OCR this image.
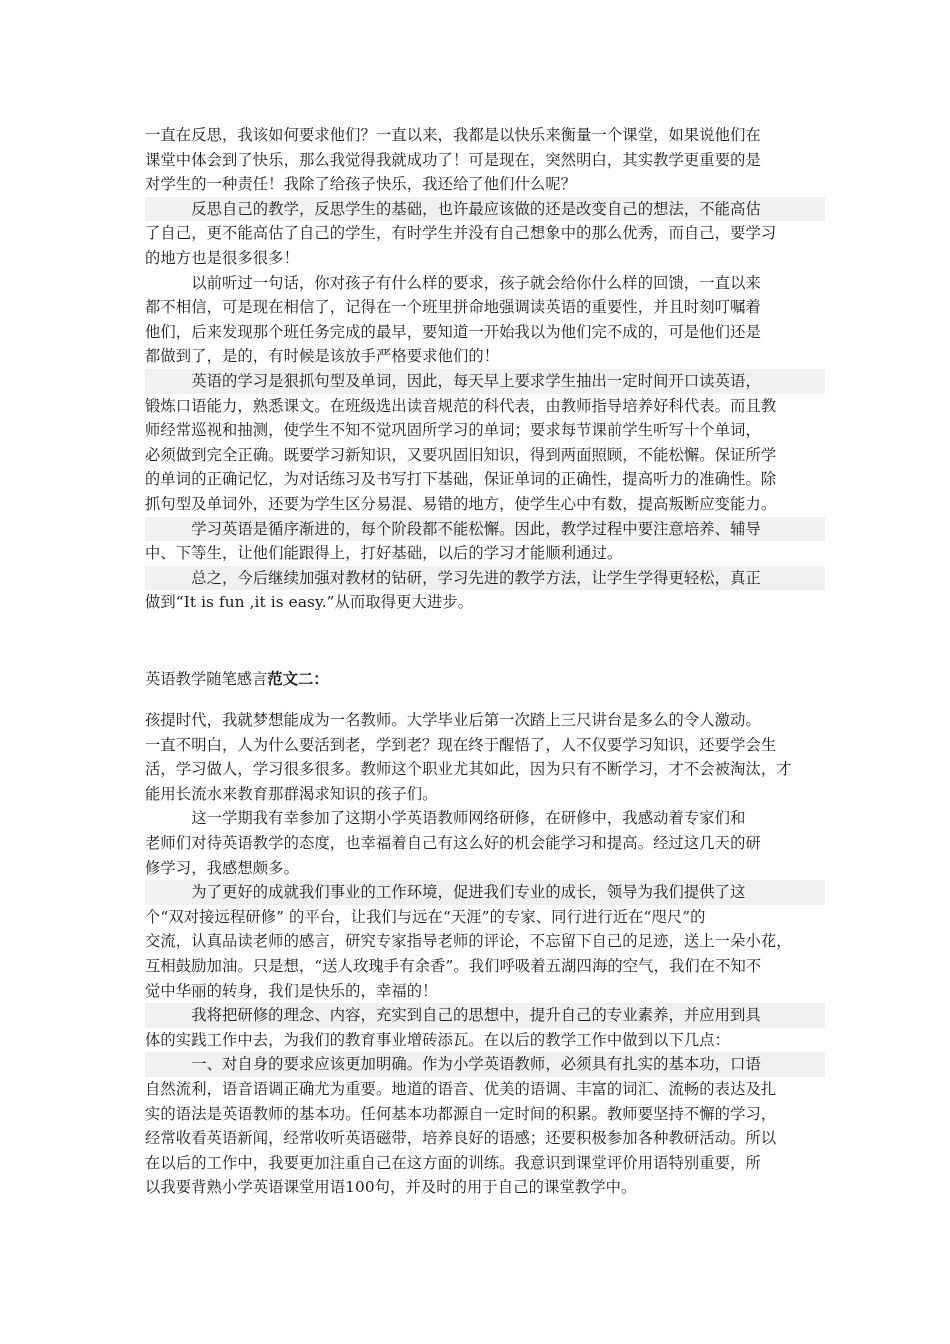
一直在反思，我该如何要求他们？一直以来，我都是以快乐来衡量一个课堂，如果说他们在
课堂中体会到了快乐，那么我觉得我就成功了！可是现在，突然明白，其实教学更重要的是
对学生的一种责任！我除了给孩子快乐，我还给了他们什么呢？
　　　反思自己的教学，反思学生的基础，也许最应该做的还是改变自己的想法，不能高估
了自己，更不能高估了自己的学生，有时学生并没有自己想象中的那么优秀，而自己，要学习
的地方也是很多很多！
　　　以前听过一句话，你对孩子有什么样的要求，孩子就会给你什么样的回馈，一直以来
都不相信，可是现在相信了，记得在一个班里拼命地强调读英语的重要性，并且时刻叮嘱着
他们，后来发现那个班任务完成的最早，要知道一开始我以为他们完不成的，可是他们还是
都做到了，是的，有时候是该放手严格要求他们的！
　　　英语的学习是狠抓句型及单词，因此，每天早上要求学生抽出一定时间开口读英语，
锻炼口语能力，熟悉课文。在班级选出读音规范的科代表，由教师指导培养好科代表。而且教
师经常巡视和抽测，使学生不知不觉巩固所学习的单词；要求每节课前学生听写十个单词，
必须做到完全正确。既要学习新知识，又要巩固旧知识，得到两面照顾，不能松懈。保证所学
的单词的正确记忆，为对话练习及书写打下基础，保证单词的正确性，提高听力的准确性。除
抓句型及单词外，还要为学生区分易混、易错的地方，使学生心中有数，提高叛断应变能力。
　　　学习英语是循序渐进的，每个阶段都不能松懈。因此，教学过程中要注意培养、辅导
中、下等生，让他们能跟得上，打好基础，以后的学习才能顺利通过。
　　　总之，今后继续加强对教材的钻研，学习先进的教学方法，让学生学得更轻松，真正
做到“It is fun ,it is easy.”从而取得更大进步。
英语教学随笔感言范文二：
孩提时代，我就梦想能成为一名教师。大学毕业后第一次踏上三尺讲台是多么的令人激动。
一直不明白，人为什么要活到老，学到老？现在终于醒悟了，人不仅要学习知识，还要学会生
活，学习做人，学习很多很多。教师这个职业尤其如此，因为只有不断学习，才不会被淘汰，才
能用长流水来教育那群渴求知识的孩子们。
　　　这一学期我有幸参加了这期小学英语教师网络研修，在研修中，我感动着专家们和
老师们对待英语教学的态度，也幸福着自己有这么好的机会能学习和提高。经过这几天的研
修学习，我感想颇多。
　　　为了更好的成就我们事业的工作环境，促进我们专业的成长，领导为我们提供了这
个“双对接远程研修” 的平台，让我们与远在“天涯”的专家、同行进行近在“咫尺”的
交流，认真品读老师的感言，研究专家指导老师的评论，不忘留下自己的足迹，送上一朵小花，
互相鼓励加油。只是想，“送人玫瑰手有余香”。我们呼吸着五湖四海的空气，我们在不知不
觉中华丽的转身，我们是快乐的，幸福的！
　　　我将把研修的理念、内容，充实到自己的思想中，提升自己的专业素养，并应用到具
体的实践工作中去，为我们的教育事业增砖添瓦。在以后的教学工作中做到以下几点：
　　　一、对自身的要求应该更加明确。作为小学英语教师，必须具有扎实的基本功，口语
自然流利，语音语调正确尤为重要。地道的语音、优美的语调、丰富的词汇、流畅的表达及扎
实的语法是英语教师的基本功。任何基本功都源自一定时间的积累。教师要坚持不懈的学习，
经常收看英语新闻，经常收听英语磁带，培养良好的语感；还要积极参加各种教研活动。所以
在以后的工作中，我要更加注重自己在这方面的训练。我意识到课堂评价用语特别重要，所
以我要背熟小学英语课堂用语100句，并及时的用于自己的课堂教学中。
